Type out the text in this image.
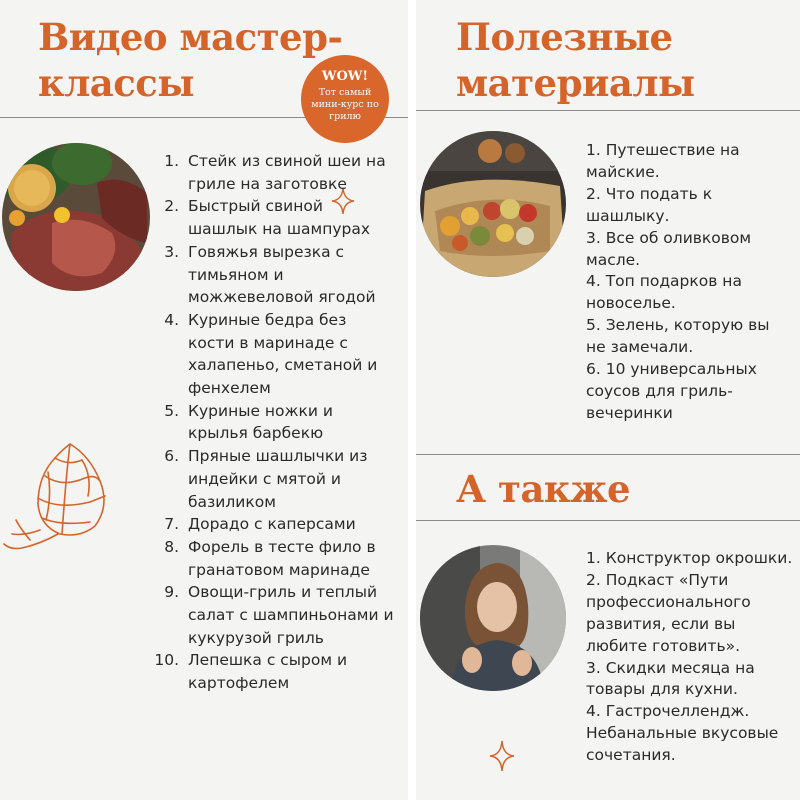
Видео мастер-
классы	WOW!
Тот самый мини-курс по грилю
1. Стейк из свиной шеи на гриле на заготовке
2. Быстрый свиной шашлык на шампурах
3. Говяжья вырезка с тимьяном и можжевеловой ягодой
4. Куриные бедра без кости в маринаде с халапеньо, сметаной и фенхелем
5. Куриные ножки и крылья барбекю
6. Пряные шашлычки из индейки с мятой и базиликом
7. Дорадо с каперсами
8. Форель в тесте фило в гранатовом маринаде
9. Овощи-гриль и теплый салат с шампиньонами и кукурузой гриль
10. Лепешка с сыром и картофелем
Полезные
материалы
1. Путешествие на майские.
2. Что подать к шашлыку.
3. Все об оливковом масле.
4. Топ подарков на новоселье.
5. Зелень, которую вы не замечали.
6. 10 универсальных соусов для гриль-вечеринки
А также
1. Конструктор окрошки.
2. Подкаст «Пути профессионального развития, если вы любите готовить».
3. Скидки месяца на товары для кухни.
4. Гастрочеллендж. Небанальные вкусовые сочетания.
